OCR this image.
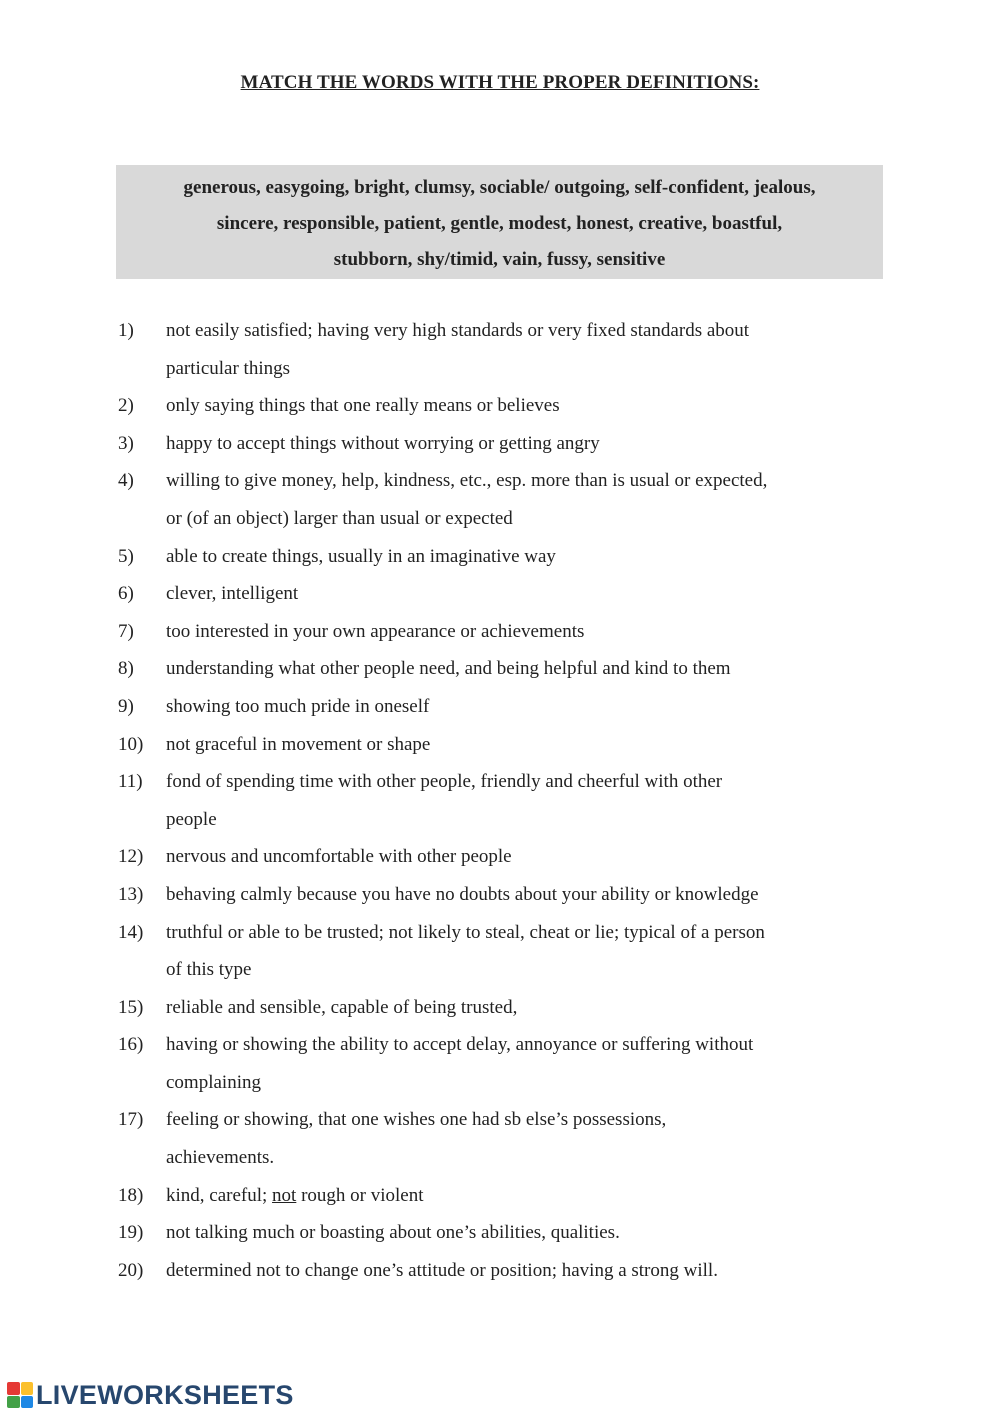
MATCH THE WORDS WITH THE PROPER DEFINITIONS:
generous, easygoing, bright, clumsy, sociable/ outgoing, self-confident, jealous,
sincere, responsible, patient, gentle, modest, honest, creative, boastful,
stubborn, shy/timid, vain, fussy, sensitive
1) not easily satisfied; having very high standards or very fixed standards about
particular things
2) only saying things that one really means or believes
3) happy to accept things without worrying or getting angry
4) willing to give money, help, kindness, etc., esp. more than is usual or expected,
or (of an object) larger than usual or expected
5) able to create things, usually in an imaginative way
6) clever, intelligent
7) too interested in your own appearance or achievements
8) understanding what other people need, and being helpful and kind to them
9) showing too much pride in oneself
10) not graceful in movement or shape
11) fond of spending time with other people, friendly and cheerful with other
people
12) nervous and uncomfortable with other people
13) behaving calmly because you have no doubts about your ability or knowledge
14) truthful or able to be trusted; not likely to steal, cheat or lie; typical of a person
of this type
15) reliable and sensible, capable of being trusted,
16) having or showing the ability to accept delay, annoyance or suffering without
complaining
17) feeling or showing, that one wishes one had sb else’s possessions,
achievements.
18) kind, careful; not rough or violent
19) not talking much or boasting about one’s abilities, qualities.
20) determined not to change one’s attitude or position; having a strong will.
LIVEWORKSHEETS
